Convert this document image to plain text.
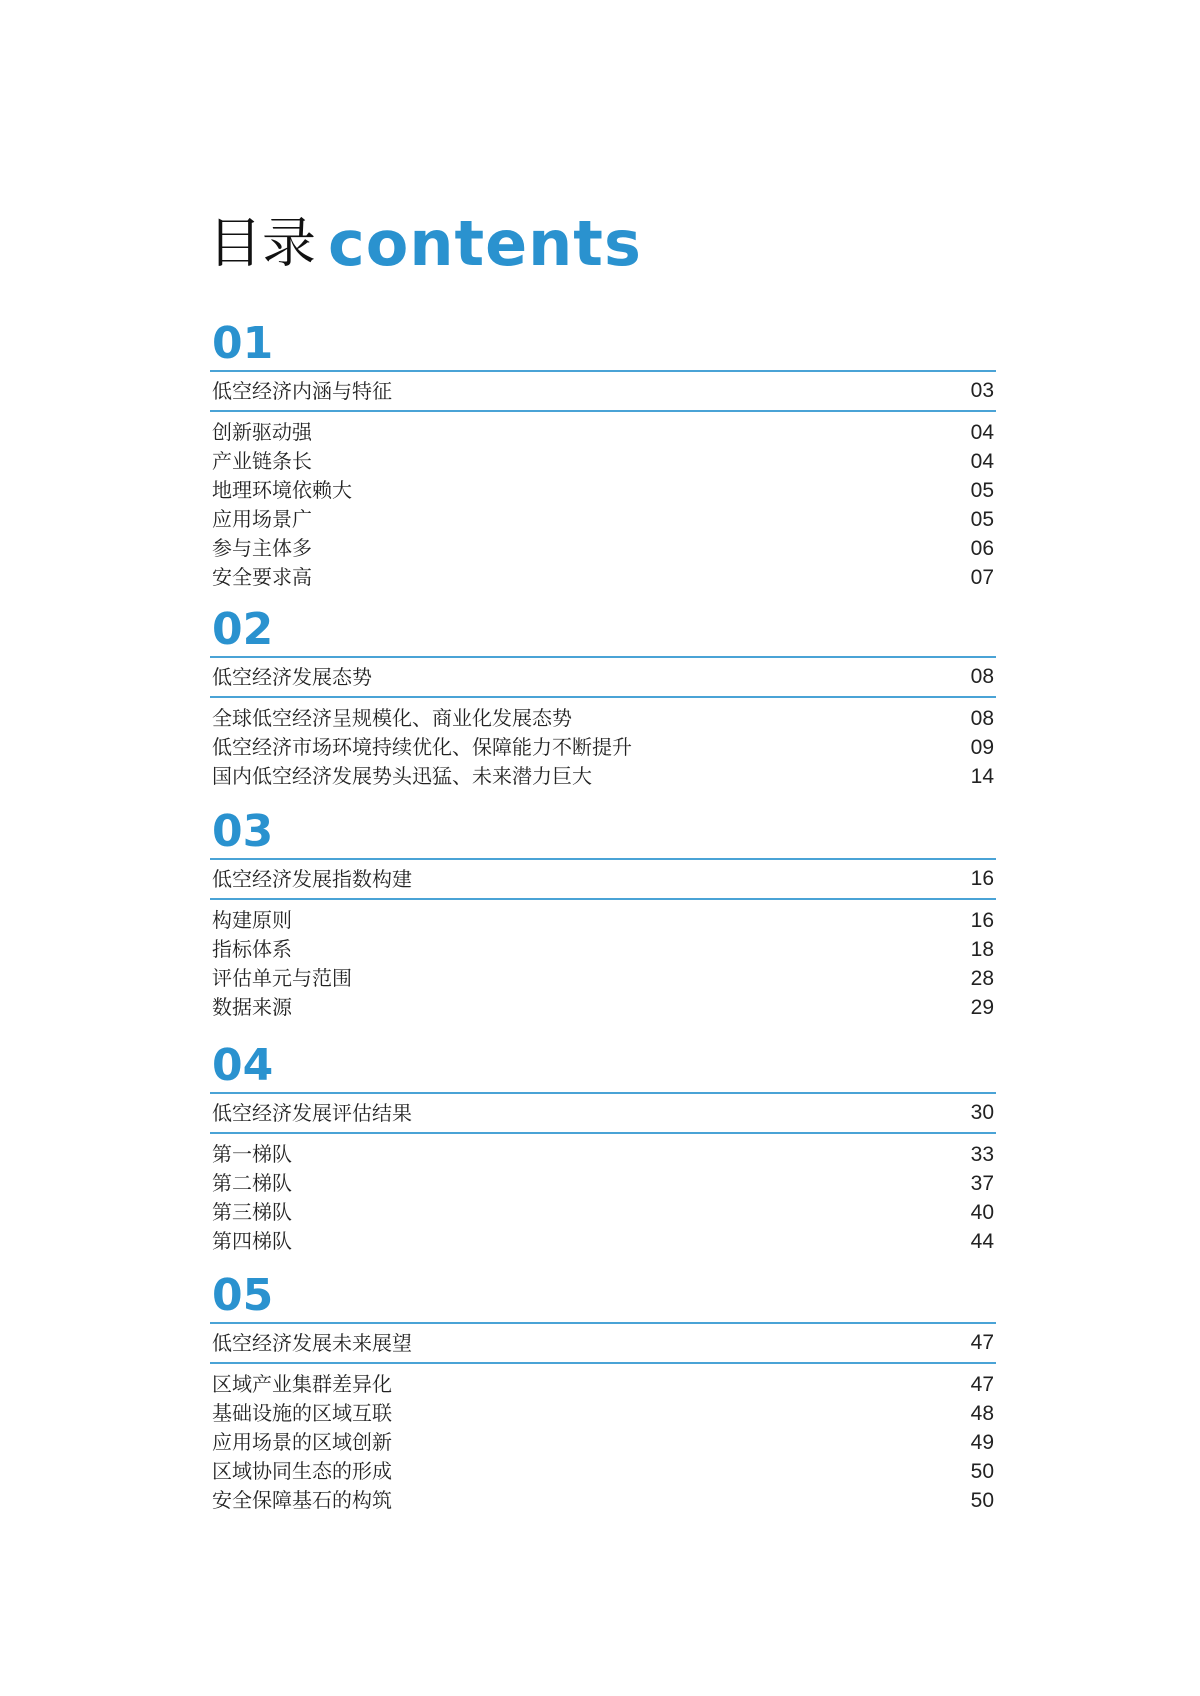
目录 contents
01
低空经济内涵与特征	03
创新驱动强	04
产业链条长	04
地理环境依赖大	05
应用场景广	05
参与主体多	06
安全要求高	07
02
低空经济发展态势	08
全球低空经济呈规模化、商业化发展态势	08
低空经济市场环境持续优化、保障能力不断提升	09
国内低空经济发展势头迅猛、未来潜力巨大	14
03
低空经济发展指数构建	16
构建原则	16
指标体系	18
评估单元与范围	28
数据来源	29
04
低空经济发展评估结果	30
第一梯队	33
第二梯队	37
第三梯队	40
第四梯队	44
05
低空经济发展未来展望	47
区域产业集群差异化	47
基础设施的区域互联	48
应用场景的区域创新	49
区域协同生态的形成	50
安全保障基石的构筑	50
